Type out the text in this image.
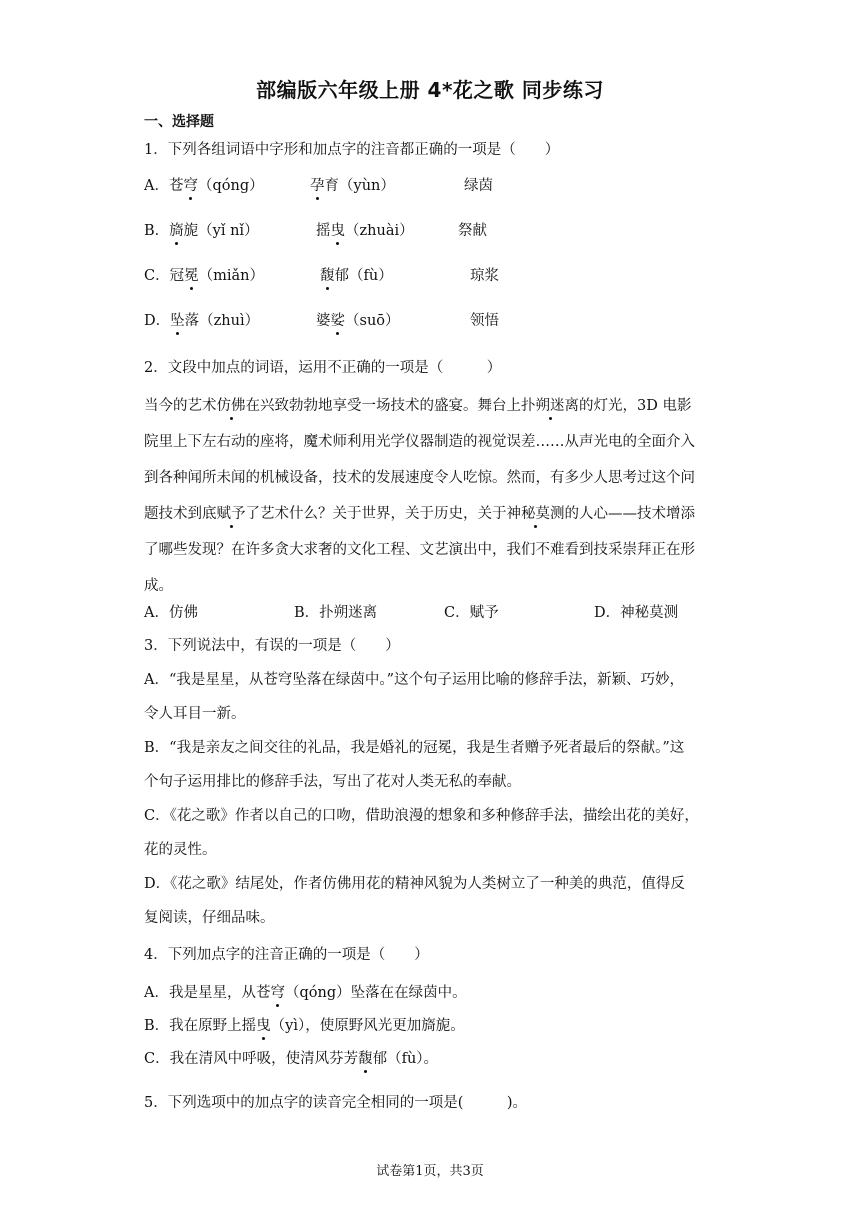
部编版六年级上册 4*花之歌 同步练习
一、选择题
1．下列各组词语中字形和加点字的注音都正确的一项是（　　）
A．苍穹（qóng）	孕育（yùn）	绿茵
B．旖旎（yǐ nǐ）	摇曳（zhuài）	祭献
C．冠冕（miǎn）	馥郁（fù）	琼浆
D．坠落（zhuì）	婆娑（suō）	领悟
2．文段中加点的词语，运用不正确的一项是（　　　）
当今的艺术仿佛在兴致勃勃地享受一场技术的盛宴。舞台上扑朔迷离的灯光，3D 电影
院里上下左右动的座将，魔术师利用光学仪器制造的视觉误差……从声光电的全面介入
到各种闻所未闻的机械设备，技术的发展速度令人吃惊。然而，有多少人思考过这个问
题技术到底赋予了艺术什么？关于世界，关于历史，关于神秘莫测的人心——技术增添
了哪些发现？在许多贪大求奢的文化工程、文艺演出中，我们不难看到技采崇拜正在形
成。
A．仿佛	B．扑朔迷离	C．赋予	D．神秘莫测
3．下列说法中，有误的一项是（　　）
A．“我是星星，从苍穹坠落在绿茵中。”这个句子运用比喻的修辞手法，新颖、巧妙，
令人耳目一新。
B．“我是亲友之间交往的礼品，我是婚礼的冠冕，我是生者赠予死者最后的祭献。”这
个句子运用排比的修辞手法，写出了花对人类无私的奉献。
C．《花之歌》作者以自己的口吻，借助浪漫的想象和多种修辞手法，描绘出花的美好，
花的灵性。
D．《花之歌》结尾处，作者仿佛用花的精神风貌为人类树立了一种美的典范，值得反
复阅读，仔细品味。
4．下列加点字的注音正确的一项是（　　）
A．我是星星，从苍穹（qóng）坠落在在绿茵中。
B．我在原野上摇曳（yì），使原野风光更加旖旎。
C．我在清风中呼吸，使清风芬芳馥郁（fù）。
5．下列选项中的加点字的读音完全相同的一项是(　　　)。
试卷第1页，共3页
